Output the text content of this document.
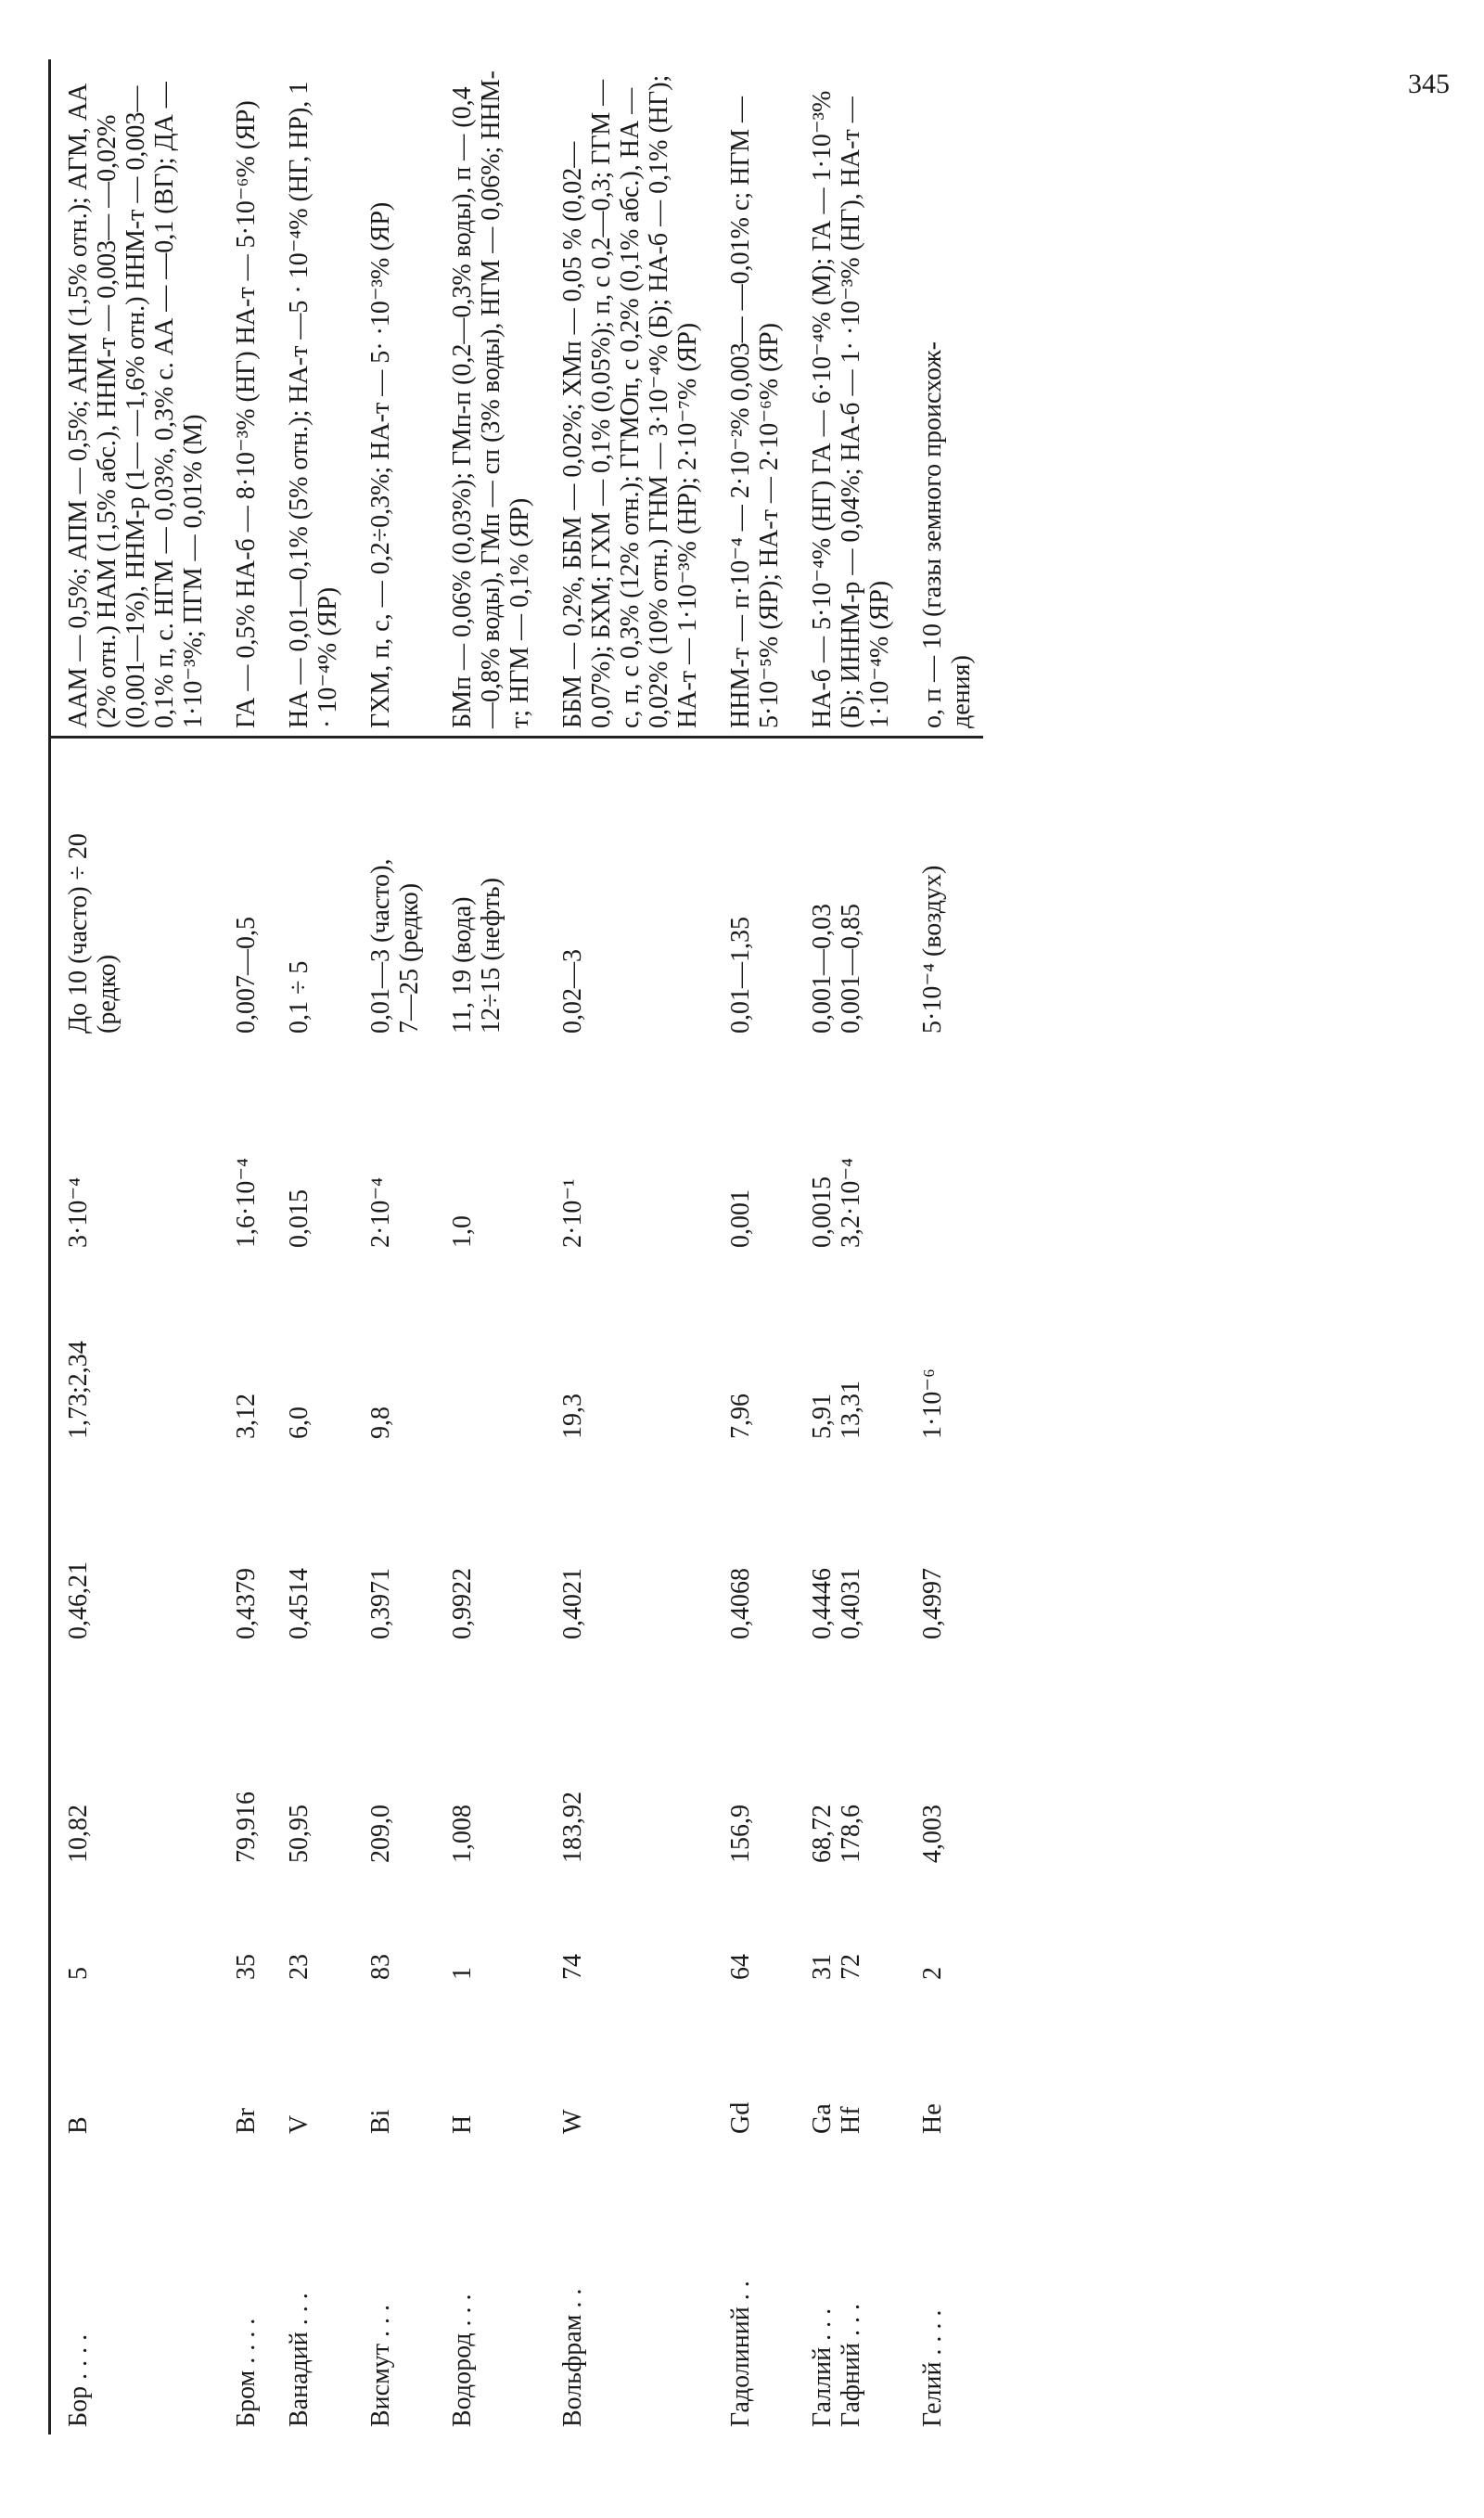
Бор . . . .	B	5	10,82	0,46,21	1,73;2,34	3·10⁻⁴	До 10 (часто) ÷ 20 (редко)	ААМ — 0,5%; АПМ — 0,5%; АНМ (1,5% отн.); АГМ, АА (2% отн.) НАМ (1,5% абс.), ННМ-т — 0,003— —0,02% (0,001—1%), ННМ-р (1— —1,6% отн.) ННМ-т — 0,003—0,1% п, с. НГМ — 0,03%, 0,3% с. АА — —0,1 (ВГ); ДА — 1·10⁻³%; ПГМ — 0,01% (М)

Бром . . . .	Br	35	79,916	0,4379	3,12	1,6·10⁻⁴	0,007—0,5	ГА — 0,5% НА-б — 8·10⁻³% (НГ) НА-т — 5·10⁻⁶% (ЯР)

Ванадий . . .	V	23	50,95	0,4514	6,0	0,015	0,1 ÷ 5	НА — 0,01—0,1% (5% отн.); НА-т —5 · 10⁻⁴% (НГ, НР), 1 · 10⁻⁴% (ЯР)

Висмут . . .	Bi	83	209,0	0,3971	9,8	2·10⁻⁴	0,01—3 (часто), 7—25 (редко)	ГХМ, п, с, — 0,2÷0,3%; НА-т — 5· ·10⁻³% (ЯР)

Водород . . .	H	1	1,008	0,9922		1,0	11, 19 (вода) 12÷15 (нефть)	БМп — 0,06% (0,03%); ГМп-п (0,2—0,3% воды), п — (0,4—0,8% воды), ГМп — сп (3% воды), НГМ — 0,06%; ННМ-т; НГМ — 0,1% (ЯР)

Вольфрам . .	W	74	183,92	0,4021	19,3	2·10⁻¹	0,02—3	ББМ — 0,2%, ББМ — 0,02%; ХМп — 0,05 % (0,02—0,07%); БХМ; ГХМ — 0,1% (0,05%); п, с 0,2—0,3; ГГМ — с, п, с 0,3% (12% отн.); ГГМОп, с 0,2% (0,1% абс.), НА — 0,02% (10% отн.) ГНМ — 3·10⁻⁴% (Б); НА-б — 0,1% (НГ); НА-т — 1·10⁻³% (НР); 2·10⁻⁷% (ЯР)

Гадолиний . .	Gd	64	156,9	0,4068	7,96	0,001	0,01—1,35	ННМ-т — п·10⁻⁴ — 2·10⁻²% 0,003— —0,01% с; НГМ — 5·10⁻⁵% (ЯР); НА-т — 2·10⁻⁶% (ЯР)

Галлий . . . Гафний . . .	Ga Hf	31 72	68,72 178,6	0,4446 0,4031	5,91 13,31	0,0015 3,2·10⁻⁴	0,001—0,03 0,001—0,85	НА-б — 5·10⁻⁴% (НГ) ГА — 6·10⁻⁴% (М); ГА — 1·10⁻³% (Б); ИННМ-р — 0,04%; НА-б — 1· ·10⁻³% (НГ), НА-т — 1·10⁻⁴% (ЯР)

Гелий . . . .	He	2	4,003	0,4997	1·10⁻⁶		5·10⁻⁴ (воздух)	о, п — 10 (газы земного происхож- дения)
345
